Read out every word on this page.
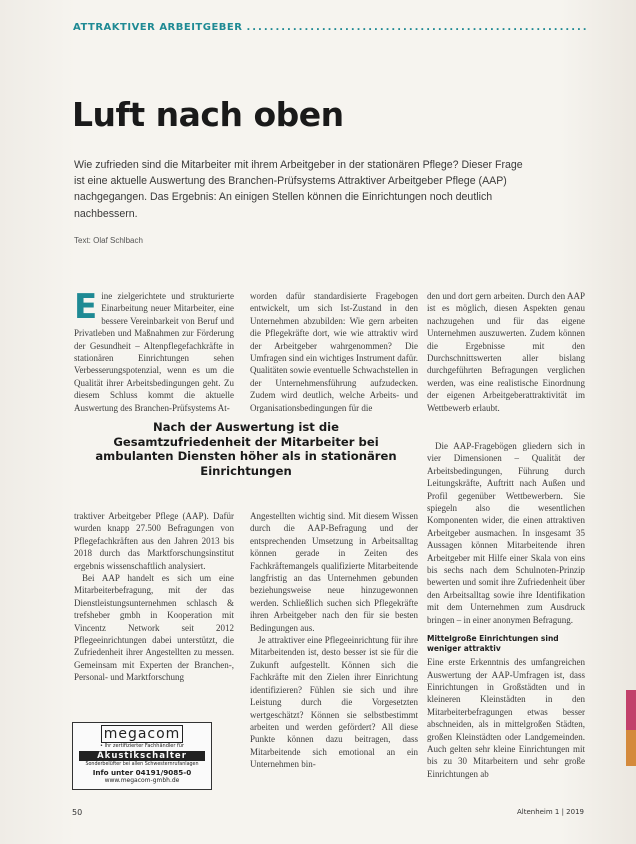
ATTRAKTIVER ARBEITGEBER ...........................................................
Luft nach oben
Wie zufrieden sind die Mitarbeiter mit ihrem Arbeitgeber in der stationären Pflege? Dieser Frage ist eine aktuelle Auswertung des Branchen-Prüfsystems Attraktiver Arbeitgeber Pflege (AAP) nachgegangen. Das Ergebnis: An einigen Stellen können die Einrichtungen noch deutlich nachbessern.
Text: Olaf Schlbach
E ine zielgerichtete und strukturierte Einarbeitung neuer Mitarbeiter, eine bessere Vereinbarkeit von Beruf und Privatleben und Maßnahmen zur Förderung der Gesundheit – Altenpflegefachkräfte in stationären Einrichtungen sehen Verbesserungspotenzial, wenn es um die Qualität ihrer Arbeitsbedingungen geht. Zu diesem Schluss kommt die aktuelle Auswertung des Branchen-Prüfsystems At-

worden dafür standardisierte Fragebogen entwickelt, um sich Ist-Zustand in den Unternehmen abzubilden: Wie gern arbeiten die Pflegekräfte dort, wie wie attraktiv wird der Arbeitgeber wahrgenommen? Die Umfragen sind ein wichtiges Instrument dafür. Qualitäten sowie eventuelle Schwachstellen in der Unternehmensführung aufzudecken. Zudem wird deutlich, welche Arbeits- und Organisationsbedingungen für die

den und dort gern arbeiten. Durch den AAP ist es möglich, diesen Aspekten genau nachzugehen und für das eigene Unternehmen auszuwerten. Zudem können die Ergebnisse mit den Durchschnittswerten aller bislang durchgeführten Befragungen verglichen werden, was eine realistische Einordnung der eigenen Arbeitgeberattraktivität im Wettbewerb erlaubt.

Nach der Auswertung ist die Gesamtzufriedenheit der Mitarbeiter bei ambulanten Diensten höher als in stationären Einrichtungen

traktiver Arbeitgeber Pflege (AAP). Dafür wurden knapp 27.500 Befragungen von Pflegefachkräften aus den Jahren 2013 bis 2018 durch das Marktforschungsinstitut ergebnis wissenschaftlich analysiert.

Bei AAP handelt es sich um eine Mitarbeiterbefragung, mit der das Dienstleistungsunternehmen schlasch & trefsheber gmbh in Kooperation mit Vincentz Network seit 2012 Pflegeeinrichtungen dabei unterstützt, die Zufriedenheit ihrer Angestellten zu messen. Gemeinsam mit Experten der Branchen-, Personal- und Marktforschung

Angestellten wichtig sind. Mit diesem Wissen durch die AAP-Befragung und der entsprechenden Umsetzung in Arbeitsalltag können gerade in Zeiten des Fachkräftemangels qualifizierte Mitarbeitende langfristig an das Unternehmen gebunden beziehungsweise neue hinzugewonnen werden. Schließlich suchen sich Pflegekräfte ihren Arbeitgeber nach den für sie besten Bedingungen aus.

Je attraktiver eine Pflegeeinrichtung für ihre Mitarbeitenden ist, desto besser ist sie für die Zukunft aufgestellt. Können sich die Fachkräfte mit den Zielen ihrer Einrichtung identifizieren? Fühlen sie sich und ihre Leistung durch die Vorgesetzten wertgeschätzt? Können sie selbstbestimmt arbeiten und werden gefördert? All diese Punkte können dazu beitragen, dass Mitarbeitende sich emotional an ein Unternehmen bin-

Die AAP-Fragebögen gliedern sich in vier Dimensionen – Qualität der Arbeitsbedingungen, Führung durch Leitungskräfte, Auftritt nach Außen und Profil gegenüber Wettbewerbern. Sie spiegeln also die wesentlichen Komponenten wider, die einen attraktiven Arbeitgeber ausmachen. In insgesamt 35 Aussagen können Mitarbeitende ihren Arbeitgeber mit Hilfe einer Skala von eins bis sechs nach dem Schulnoten-Prinzip bewerten und somit ihre Zufriedenheit über den Arbeitsalltag sowie ihre Identifikation mit dem Unternehmen zum Ausdruck bringen – in einer anonymen Befragung.

Mittelgroße Einrichtungen sind weniger attraktiv

Eine erste Erkenntnis des umfangreichen Auswertung der AAP-Umfragen ist, dass Einrichtungen in Großstädten und in kleineren Kleinstädten in den Mitarbeiterbefragungen etwas besser abschneiden, als in mittelgroßen Städten, großen Kleinstädten oder Landgemeinden. Auch gelten sehr kleine Einrichtungen mit bis zu 30 Mitarbeitern und sehr große Einrichtungen ab

megacom
• Ihr zertifizierter Fachhändler für
Akustikschalter
Sonderbelüfter bei allen Schwesternrufanlagen
Info unter 04191/9085-0
www.megacom-gmbh.de
50	Altenheim 1 | 2019
